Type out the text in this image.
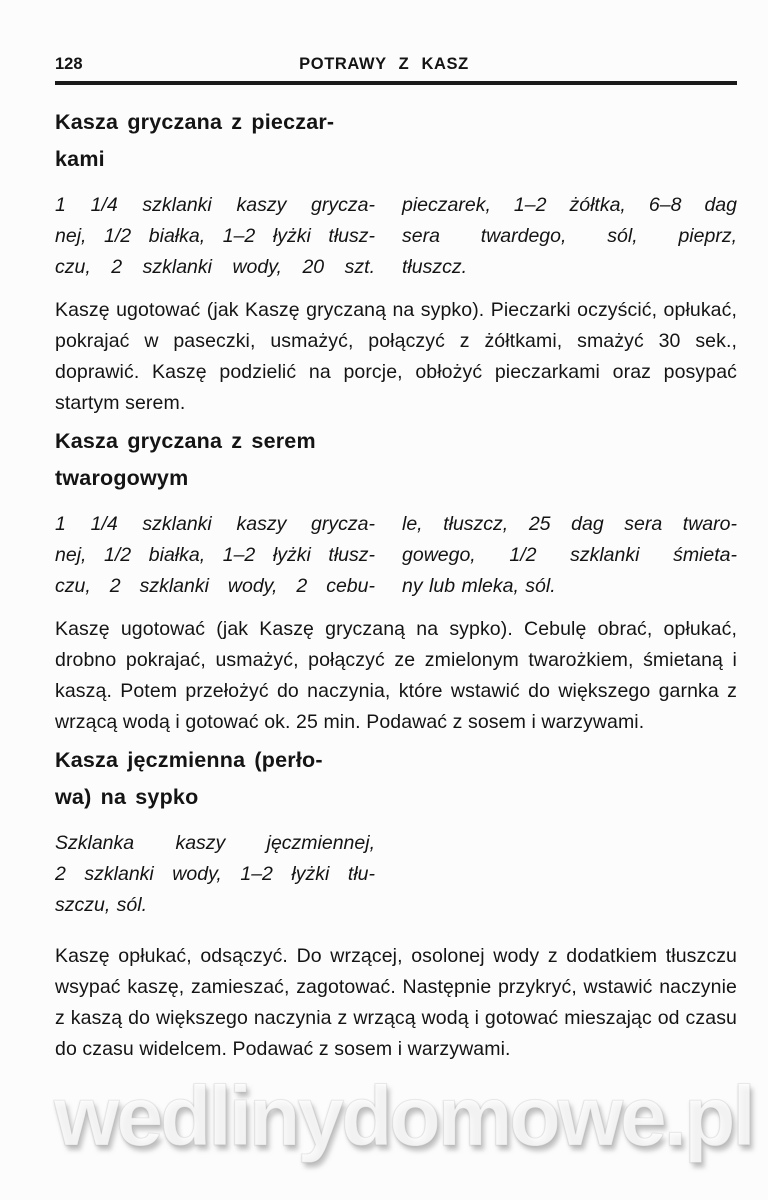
128	POTRAWY Z KASZ
Kasza gryczana z pieczar-
kami
1 1/4 szklanki kaszy grycza-
nej, 1/2 białka, 1–2 łyżki tłusz-
czu, 2 szklanki wody, 20 szt.
pieczarek, 1–2 żółtka, 6–8 dag
sera twardego, sól, pieprz,
tłuszcz.
Kaszę ugotować (jak Kaszę gryczaną na sypko). Pieczarki oczyścić, opłukać, pokrajać w paseczki, usmażyć, połączyć z żółtkami, smażyć 30 sek., doprawić. Kaszę podzielić na porcje, obłożyć pieczarkami oraz posypać startym serem.
Kasza gryczana z serem
twarogowym
1 1/4 szklanki kaszy grycza-
nej, 1/2 białka, 1–2 łyżki tłusz-
czu, 2 szklanki wody, 2 cebu-
le, tłuszcz, 25 dag sera twaro-
gowego, 1/2 szklanki śmieta-
ny lub mleka, sól.
Kaszę ugotować (jak Kaszę gryczaną na sypko). Cebulę obrać, opłukać, drobno pokrajać, usmażyć, połączyć ze zmielonym twarożkiem, śmietaną i kaszą. Potem przełożyć do naczynia, które wstawić do większego garnka z wrzącą wodą i gotować ok. 25 min. Podawać z sosem i warzywami.
Kasza jęczmienna (perło-
wa) na sypko
Szklanka kaszy jęczmiennej,
2 szklanki wody, 1–2 łyżki tłu-
szczu, sól.
Kaszę opłukać, odsączyć. Do wrzącej, osolonej wody z dodatkiem tłuszczu wsypać kaszę, zamieszać, zagotować. Następnie przykryć, wstawić naczynie z kaszą do większego naczynia z wrzącą wodą i gotować mieszając od czasu do czasu widelcem. Podawać z sosem i warzywami.
wedlinydomowe.pl
